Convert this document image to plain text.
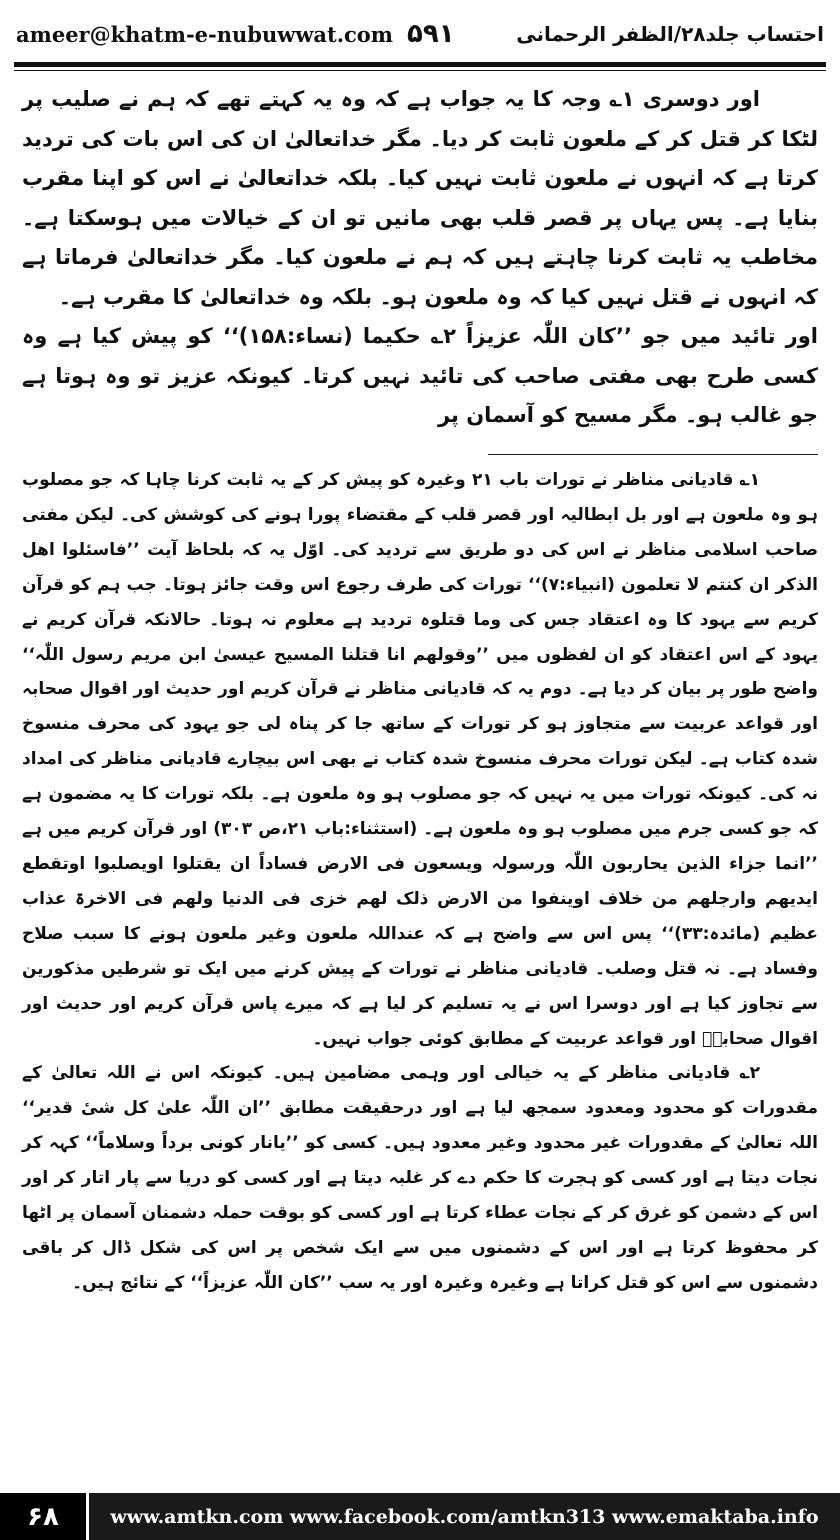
ameer@khatm-e-nubuwwat.com ۵۹۱	احتساب جلد۲۸/الظفر الرحمانی

اور دوسری ۱؎ وجہ کا یہ جواب ہے کہ وہ یہ کہتے تھے کہ ہم نے صلیب پر لٹکا کر قتل کر کے ملعون ثابت کر دیا۔ مگر خداتعالیٰ ان کی اس بات کی تردید کرتا ہے کہ انہوں نے ملعون ثابت نہیں کیا۔ بلکہ خداتعالیٰ نے اس کو اپنا مقرب بنایا ہے۔ پس یہاں پر قصر قلب بھی مانیں تو ان کے خیالات میں ہوسکتا ہے۔ مخاطب یہ ثابت کرنا چاہتے ہیں کہ ہم نے ملعون کیا۔ مگر خداتعالیٰ فرماتا ہے کہ انہوں نے قتل نہیں کیا کہ وہ ملعون ہو۔ بلکہ وہ خداتعالیٰ کا مقرب ہے۔

اور تائید میں جو ’’کان اللّٰہ عزیزاً ۲؎ حکیما (نساء:۱۵۸)‘‘ کو پیش کیا ہے وہ کسی طرح بھی مفتی صاحب کی تائید نہیں کرتا۔ کیونکہ عزیز تو وہ ہوتا ہے جو غالب ہو۔ مگر مسیح کو آسمان پر

۱؎ قادیانی مناظر نے تورات باب ۲۱ وغیرہ کو پیش کر کے یہ ثابت کرنا چاہا کہ جو مصلوب ہو وہ ملعون ہے اور بل ابطالیہ اور قصر قلب کے مقتضاء پورا ہونے کی کوشش کی۔ لیکن مفتی صاحب اسلامی مناظر نے اس کی دو طریق سے تردید کی۔ اوّل یہ کہ بلحاظ آیت ’’فاسئلوا اھل الذکر ان کنتم لا تعلمون (انبیاء:۷)‘‘ تورات کی طرف رجوع اس وقت جائز ہوتا۔ جب ہم کو قرآن کریم سے یہود کا وہ اعتقاد جس کی وما قتلوہ تردید ہے معلوم نہ ہوتا۔ حالانکہ قرآن کریم نے یہود کے اس اعتقاد کو ان لفظوں میں ’’وقولھم انا قتلنا المسیح عیسیٰ ابن مریم رسول اللّٰہ‘‘ واضح طور پر بیان کر دیا ہے۔ دوم یہ کہ قادیانی مناظر نے قرآن کریم اور حدیث اور اقوال صحابہ اور قواعد عربیت سے متجاوز ہو کر تورات کے ساتھ جا کر پناہ لی جو یہود کی محرف منسوخ شدہ کتاب ہے۔ لیکن تورات محرف منسوخ شدہ کتاب نے بھی اس بیچارے قادیانی مناظر کی امداد نہ کی۔ کیونکہ تورات میں یہ نہیں کہ جو مصلوب ہو وہ ملعون ہے۔ بلکہ تورات کا یہ مضمون ہے کہ جو کسی جرم میں مصلوب ہو وہ ملعون ہے۔ (استثناء:باب ۲۱،ص ۳۰۳) اور قرآن کریم میں ہے ’’انما جزاء الذین یحاربون اللّٰہ ورسولہ ویسعون فی الارض فساداً ان یقتلوا اویصلبوا اوتقطع ایدیھم وارجلھم من خلاف اوینفوا من الارض ذلک لھم خزی فی الدنیا ولھم فی الاخرۃ عذاب عظیم (مائدہ:۳۳)‘‘ پس اس سے واضح ہے کہ عنداللہ ملعون وغیر ملعون ہونے کا سبب صلاح وفساد ہے۔ نہ قتل وصلب۔ قادیانی مناظر نے تورات کے پیش کرنے میں ایک تو شرطیں مذکورین سے تجاوز کیا ہے اور دوسرا اس نے یہ تسلیم کر لیا ہے کہ میرے پاس قرآن کریم اور حدیث اور اقوال صحابہؓ اور قواعد عربیت کے مطابق کوئی جواب نہیں۔

۲؎ قادیانی مناظر کے یہ خیالی اور وہمی مضامین ہیں۔ کیونکہ اس نے اللہ تعالیٰ کے مقدورات کو محدود ومعدود سمجھ لیا ہے اور درحقیقت مطابق ’’ان اللّٰہ علیٰ کل شیٔ قدیر‘‘ اللہ تعالیٰ کے مقدورات غیر محدود وغیر معدود ہیں۔ کسی کو ’’یانار کونی برداً وسلاماً‘‘ کہہ کر نجات دیتا ہے اور کسی کو ہجرت کا حکم دے کر غلبہ دیتا ہے اور کسی کو دریا سے پار اتار کر اور اس کے دشمن کو غرق کر کے نجات عطاء کرتا ہے اور کسی کو بوقت حملہ دشمنان آسمان پر اٹھا کر محفوظ کرتا ہے اور اس کے دشمنوں میں سے ایک شخص پر اس کی شکل ڈال کر باقی دشمنوں سے اس کو قتل کراتا ہے وغیرہ وغیرہ اور یہ سب ’’کان اللّٰہ عزیزاً‘‘ کے نتائج ہیں۔

۶۸	www.amtkn.com www.facebook.com/amtkn313 www.emaktaba.info
